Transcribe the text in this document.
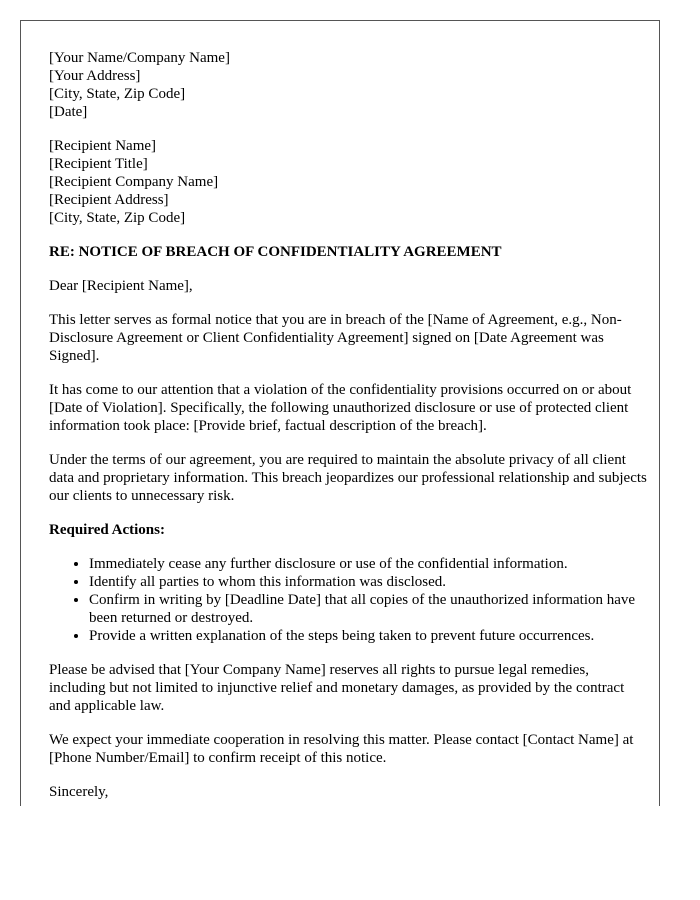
[Your Name/Company Name]
[Your Address]
[City, State, Zip Code]
[Date]
[Recipient Name]
[Recipient Title]
[Recipient Company Name]
[Recipient Address]
[City, State, Zip Code]

RE: NOTICE OF BREACH OF CONFIDENTIALITY AGREEMENT

Dear [Recipient Name],

This letter serves as formal notice that you are in breach of the [Name of Agreement, e.g., Non-Disclosure Agreement or Client Confidentiality Agreement] signed on [Date Agreement was Signed].

It has come to our attention that a violation of the confidentiality provisions occurred on or about [Date of Violation]. Specifically, the following unauthorized disclosure or use of protected client information took place: [Provide brief, factual description of the breach].

Under the terms of our agreement, you are required to maintain the absolute privacy of all client data and proprietary information. This breach jeopardizes our professional relationship and subjects our clients to unnecessary risk.

Required Actions:

• Immediately cease any further disclosure or use of the confidential information.
• Identify all parties to whom this information was disclosed.
• Confirm in writing by [Deadline Date] that all copies of the unauthorized information have been returned or destroyed.
• Provide a written explanation of the steps being taken to prevent future occurrences.

Please be advised that [Your Company Name] reserves all rights to pursue legal remedies, including but not limited to injunctive relief and monetary damages, as provided by the contract and applicable law.

We expect your immediate cooperation in resolving this matter. Please contact [Contact Name] at [Phone Number/Email] to confirm receipt of this notice.

Sincerely,
